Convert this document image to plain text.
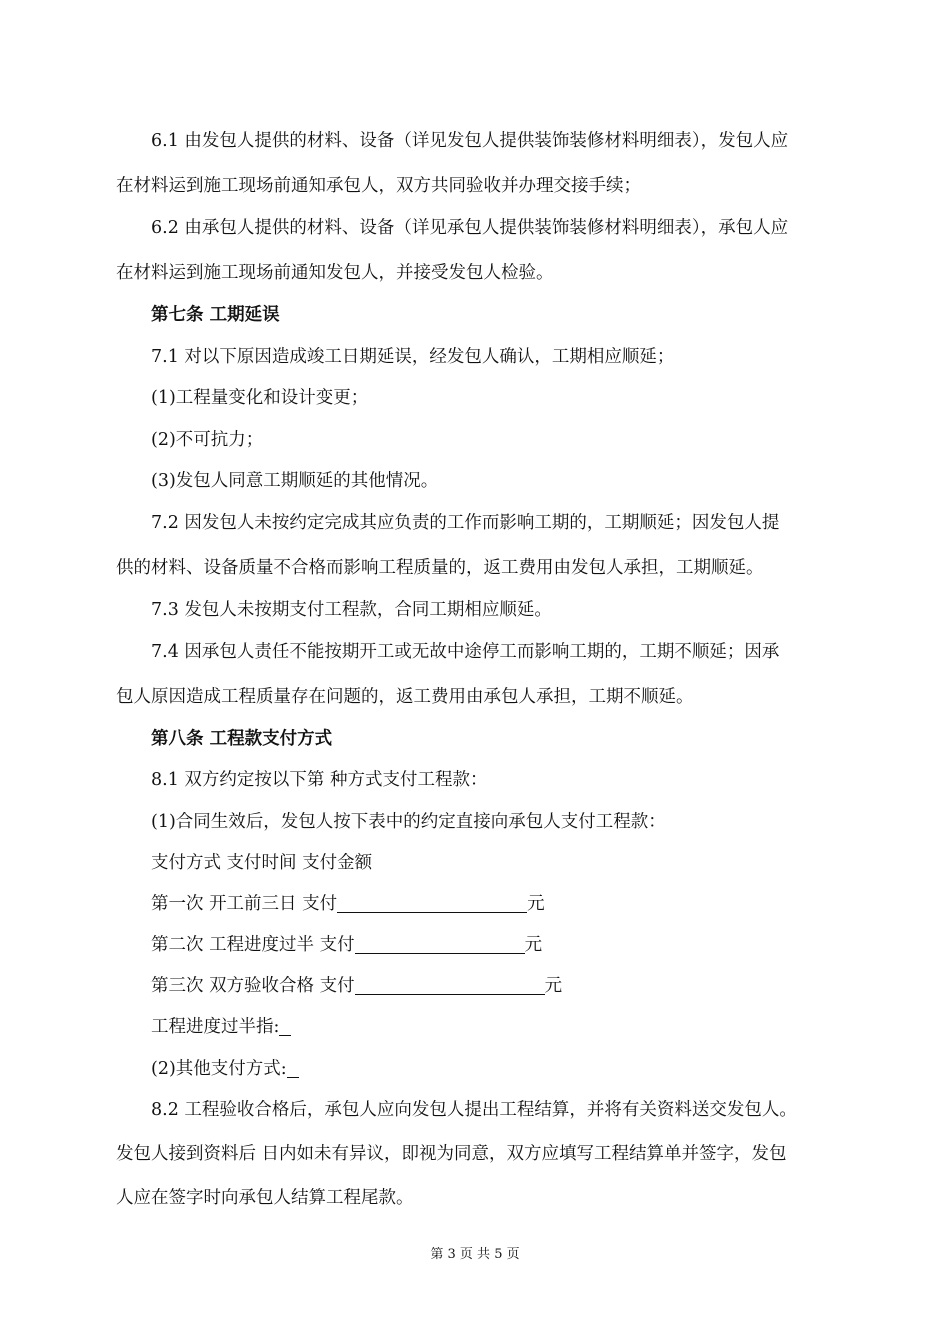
6.1 由发包人提供的材料、设备（详见发包人提供装饰装修材料明细表），发包人应
在材料运到施工现场前通知承包人，双方共同验收并办理交接手续；
6.2 由承包人提供的材料、设备（详见承包人提供装饰装修材料明细表），承包人应
在材料运到施工现场前通知发包人，并接受发包人检验。
第七条 工期延误
7.1 对以下原因造成竣工日期延误，经发包人确认，工期相应顺延；
(1)工程量变化和设计变更；
(2)不可抗力；
(3)发包人同意工期顺延的其他情况。
7.2 因发包人未按约定完成其应负责的工作而影响工期的，工期顺延；因发包人提
供的材料、设备质量不合格而影响工程质量的，返工费用由发包人承担，工期顺延。
7.3 发包人未按期支付工程款，合同工期相应顺延。
7.4 因承包人责任不能按期开工或无故中途停工而影响工期的，工期不顺延；因承
包人原因造成工程质量存在问题的，返工费用由承包人承担，工期不顺延。
第八条 工程款支付方式
8.1 双方约定按以下第 种方式支付工程款：
(1)合同生效后，发包人按下表中的约定直接向承包人支付工程款：
支付方式 支付时间 支付金额
第一次 开工前三日 支付	元
第二次 工程进度过半 支付	元
第三次 双方验收合格 支付	元
工程进度过半指:
(2)其他支付方式:
8.2 工程验收合格后，承包人应向发包人提出工程结算，并将有关资料送交发包人。
发包人接到资料后 日内如未有异议，即视为同意，双方应填写工程结算单并签字，发包
人应在签字时向承包人结算工程尾款。
第 3 页 共 5 页
